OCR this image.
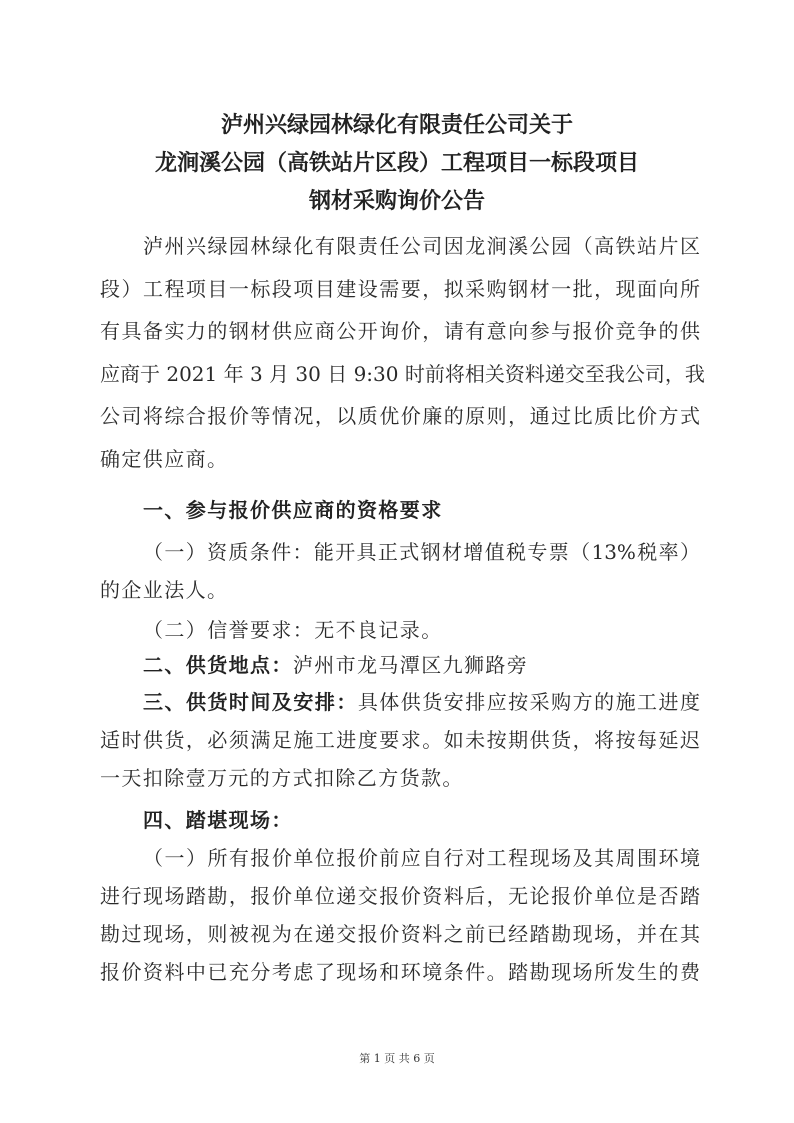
泸州兴绿园林绿化有限责任公司关于
龙涧溪公园（高铁站片区段）工程项目一标段项目
钢材采购询价公告
泸州兴绿园林绿化有限责任公司因龙涧溪公园（高铁站片区
段）工程项目一标段项目建设需要，拟采购钢材一批，现面向所
有具备实力的钢材供应商公开询价，请有意向参与报价竞争的供
应商于 2021 年 3 月 30 日 9:30 时前将相关资料递交至我公司，我
公司将综合报价等情况，以质优价廉的原则，通过比质比价方式
确定供应商。
一、参与报价供应商的资格要求
（一）资质条件：能开具正式钢材增值税专票（13%税率）
的企业法人。
（二）信誉要求：无不良记录。
二、供货地点：泸州市龙马潭区九狮路旁
三、供货时间及安排：具体供货安排应按采购方的施工进度
适时供货，必须满足施工进度要求。如未按期供货，将按每延迟
一天扣除壹万元的方式扣除乙方货款。
四、踏堪现场：
（一）所有报价单位报价前应自行对工程现场及其周围环境
进行现场踏勘，报价单位递交报价资料后，无论报价单位是否踏
勘过现场，则被视为在递交报价资料之前已经踏勘现场，并在其
报价资料中已充分考虑了现场和环境条件。踏勘现场所发生的费
第 1 页 共 6 页
